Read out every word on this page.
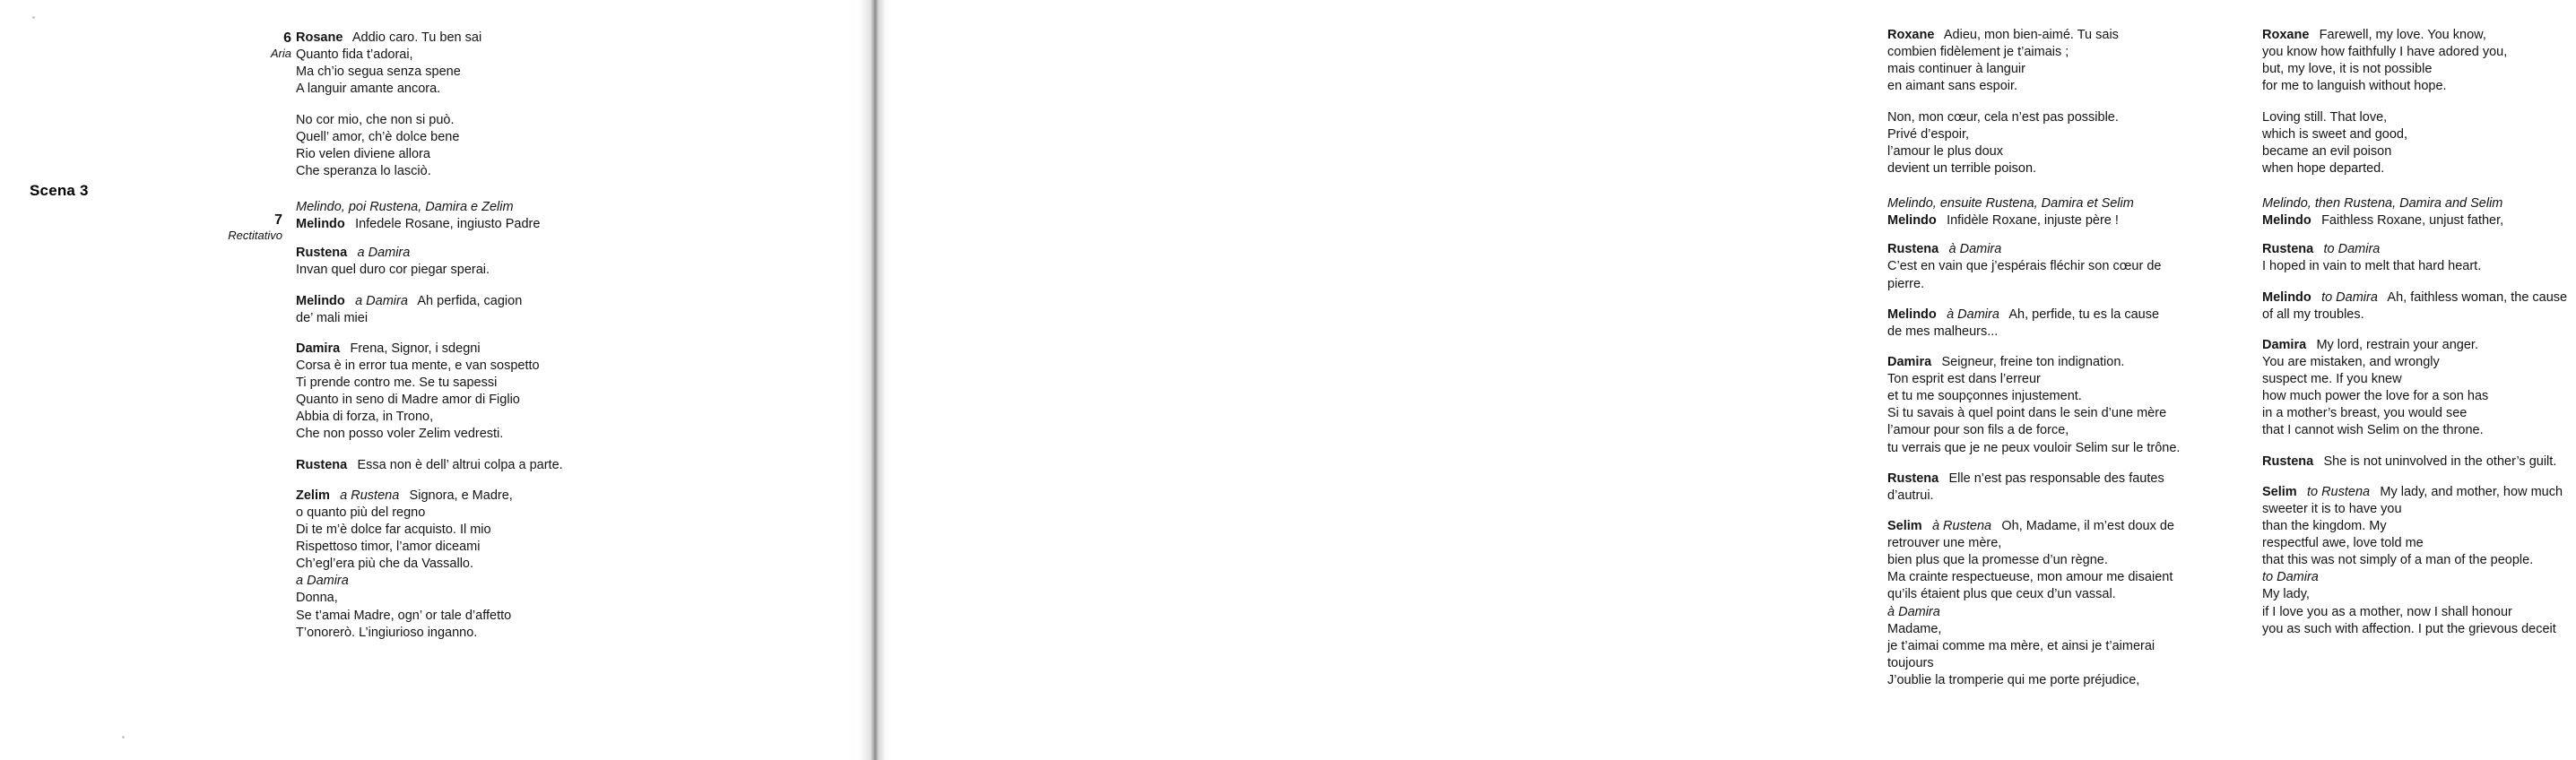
Scena 3
6
Aria
7
Rectitativo
Rosane  Addio caro. Tu ben sai
Quanto fida t’adorai,
Ma ch’io segua senza spene
A languir amante ancora.
No cor mio, che non si può.
Quell’ amor, ch’è dolce bene
Rio velen diviene allora
Che speranza lo lasciò.
Melindo, poi Rustena, Damira e Zelim
Melindo  Infedele Rosane, ingiusto Padre
Rustena  a Damira 
Invan quel duro cor piegar sperai.
Melindo  a Damira  Ah perfida, cagion
de’ mali miei
Damira  Frena, Signor, i sdegni
Corsa è in error tua mente, e van sospetto
Ti prende contro me. Se tu sapessi
Quanto in seno di Madre amor di Figlio
Abbia di forza, in Trono,
Che non posso voler Zelim vedresti.
Rustena  Essa non è dell’ altrui colpa a parte.
Zelim  a Rustena  Signora, e Madre,
o quanto più del regno
Di te m’è dolce far acquisto. Il mio
Rispettoso timor, l’amor diceami
Ch’egl’era più che da Vassallo.
a Damira
Donna,
Se t’amai Madre, ogn’ or tale d’affetto
T’onorerò. L’ingiurioso inganno.
Roxane  Adieu, mon bien-aimé. Tu sais
combien fidèlement je t’aimais ;
mais continuer à languir
en aimant sans espoir.
Non, mon cœur, cela n’est pas possible.
Privé d’espoir,
l’amour le plus doux
devient un terrible poison.
Roxane  Farewell, my love. You know,
you know how faithfully I have adored you,
but, my love, it is not possible
for me to languish without hope.
Loving still. That love,
which is sweet and good,
became an evil poison
when hope departed.
Melindo, ensuite Rustena, Damira et Selim
Melindo  Infidèle Roxane, injuste père !
Rustena  à Damira 
C’est en vain que j’espérais fléchir son cœur de pierre.
Melindo  à Damira  Ah, perfide, tu es la cause
de mes malheurs...
Damira  Seigneur, freine ton indignation.
Ton esprit est dans l’erreur
et tu me soupçonnes injustement.
Si tu savais à quel point dans le sein d’une mère
l’amour pour son fils a de force,
tu verrais que je ne peux vouloir Selim sur le trône.
Rustena  Elle n’est pas responsable des fautes d’autrui.
Selim  à Rustena  Oh, Madame, il m’est doux de
retrouver une mère,
bien plus que la promesse d’un règne.
Ma crainte respectueuse, mon amour me disaient
qu’ils étaient plus que ceux d’un vassal.
à Damira
Madame,
je t’aimai comme ma mère, et ainsi je t’aimerai toujours
J’oublie la tromperie qui me porte préjudice,
Melindo, then Rustena, Damira and Selim
Melindo  Faithless Roxane, unjust father,
Rustena  to Damira 
I hoped in vain to melt that hard heart.
Melindo  to Damira  Ah, faithless woman, the cause
of all my troubles.
Damira  My lord, restrain your anger.
You are mistaken, and wrongly
suspect me. If you knew
how much power the love for a son has
in a mother’s breast, you would see
that I cannot wish Selim on the throne.
Rustena  She is not uninvolved in the other’s guilt.
Selim  to Rustena  My lady, and mother, how much
sweeter it is to have you
than the kingdom. My
respectful awe, love told me
that this was not simply of a man of the people.
to Damira
My lady,
if I love you as a mother, now I shall honour
you as such with affection. I put the grievous deceit
